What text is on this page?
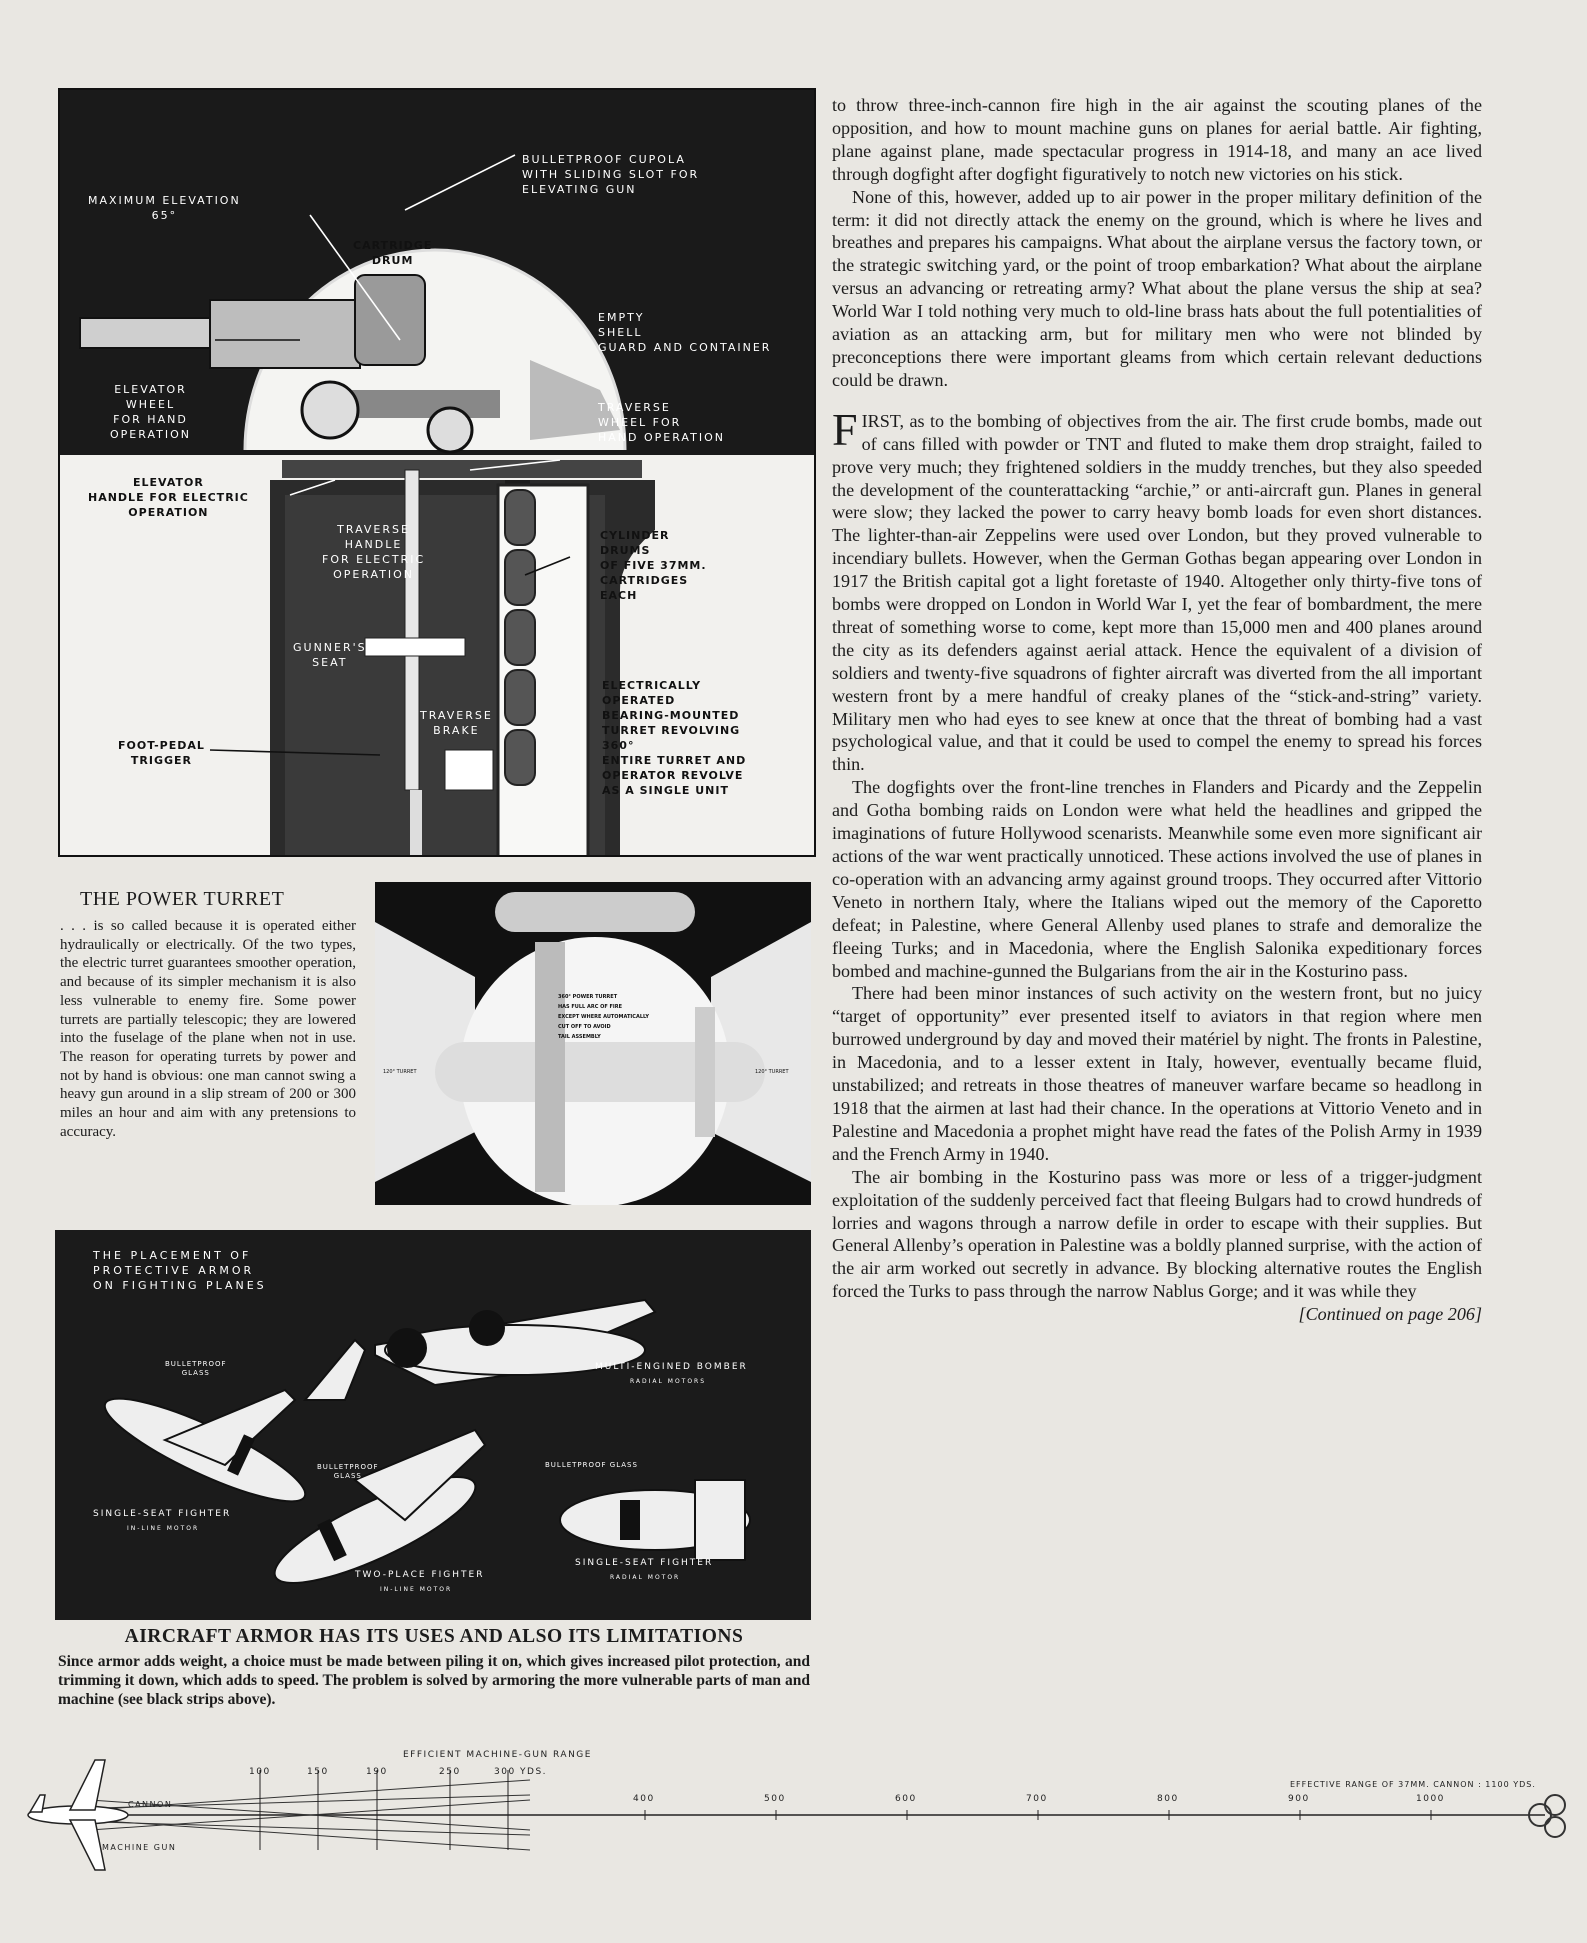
MAXIMUM ELEVATION
65°
BULLETPROOF CUPOLA
WITH SLIDING SLOT FOR
ELEVATING GUN
CARTRIDGE
DRUM
EMPTY
SHELL
GUARD AND CONTAINER
ELEVATOR
WHEEL
FOR HAND
OPERATION
TRAVERSE
WHEEL FOR
HAND OPERATION
ELEVATOR
HANDLE FOR ELECTRIC
OPERATION
TRAVERSE
HANDLE
FOR ELECTRIC
OPERATION
CYLINDER
DRUMS
OF FIVE 37MM.
CARTRIDGES
EACH
GUNNER'S
SEAT
ELECTRICALLY
OPERATED
BEARING-MOUNTED
TURRET REVOLVING
360°
ENTIRE TURRET AND
OPERATOR REVOLVE
AS A SINGLE UNIT
TRAVERSE
BRAKE
FOOT-PEDAL
TRIGGER
THE POWER TURRET
. . . is so called because it is operated either hydraulically or electrically. Of the two types, the electric turret guarantees smoother operation, and because of its simpler mechanism it is also less vulnerable to enemy fire. Some power turrets are partially telescopic; they are lowered into the fuselage of the plane when not in use. The reason for operating turrets by power and not by hand is obvious: one man cannot swing a heavy gun around in a slip stream of 200 or 300 miles an hour and aim with any pretensions to accuracy.
360° POWER TURRET
HAS FULL ARC OF FIRE
EXCEPT WHERE AUTOMATICALLY
CUT OFF TO AVOID
TAIL ASSEMBLY
120° TURRET	120° TURRET
THE PLACEMENT OF
PROTECTIVE ARMOR
ON FIGHTING PLANES
BULLETPROOF
GLASS
SINGLE-SEAT FIGHTER
IN-LINE MOTOR
MULTI-ENGINED BOMBER
RADIAL MOTORS
BULLETPROOF
GLASS
TWO-PLACE FIGHTER
IN-LINE MOTOR
BULLETPROOF GLASS
SINGLE-SEAT FIGHTER
RADIAL MOTOR
AIRCRAFT ARMOR HAS ITS USES AND ALSO ITS LIMITATIONS
Since armor adds weight, a choice must be made between piling it on, which gives increased pilot protection, and trimming it down, which adds to speed. The problem is solved by armoring the more vulnerable parts of man and machine (see black strips above).

to throw three-inch-cannon fire high in the air against the scouting planes of the opposition, and how to mount machine guns on planes for aerial battle. Air fighting, plane against plane, made spectacular progress in 1914-18, and many an ace lived through dogfight after dogfight figuratively to notch new victories on his stick.

None of this, however, added up to air power in the proper military definition of the term: it did not directly attack the enemy on the ground, which is where he lives and breathes and prepares his campaigns. What about the airplane versus the factory town, or the strategic switching yard, or the point of troop embarkation? What about the airplane versus an advancing or retreating army? What about the plane versus the ship at sea? World War I told nothing very much to old-line brass hats about the full potentialities of aviation as an attacking arm, but for military men who were not blinded by preconceptions there were important gleams from which certain relevant deductions could be drawn.

FIRST, as to the bombing of objectives from the air. The first crude bombs, made out of cans filled with powder or TNT and fluted to make them drop straight, failed to prove very much; they frightened soldiers in the muddy trenches, but they also speeded the development of the counterattacking “archie,” or anti-aircraft gun. Planes in general were slow; they lacked the power to carry heavy bomb loads for even short distances. The lighter-than-air Zeppelins were used over London, but they proved vulnerable to incendiary bullets. However, when the German Gothas began appearing over London in 1917 the British capital got a light foretaste of 1940. Altogether only thirty-five tons of bombs were dropped on London in World War I, yet the fear of bombardment, the mere threat of something worse to come, kept more than 15,000 men and 400 planes around the city as its defenders against aerial attack. Hence the equivalent of a division of soldiers and twenty-five squadrons of fighter aircraft was diverted from the all important western front by a mere handful of creaky planes of the “stick-and-string” variety. Military men who had eyes to see knew at once that the threat of bombing had a vast psychological value, and that it could be used to compel the enemy to spread his forces thin.

The dogfights over the front-line trenches in Flanders and Picardy and the Zeppelin and Gotha bombing raids on London were what held the headlines and gripped the imaginations of future Hollywood scenarists. Meanwhile some even more significant air actions of the war went practically unnoticed. These actions involved the use of planes in co-operation with an advancing army against ground troops. They occurred after Vittorio Veneto in northern Italy, where the Italians wiped out the memory of the Caporetto defeat; in Palestine, where General Allenby used planes to strafe and demoralize the fleeing Turks; and in Macedonia, where the English Salonika expeditionary forces bombed and machine-gunned the Bulgarians from the air in the Kosturino pass.

There had been minor instances of such activity on the western front, but no juicy “target of opportunity” ever presented itself to aviators in that region where men burrowed underground by day and moved their matériel by night. The fronts in Palestine, in Macedonia, and to a lesser extent in Italy, however, eventually became fluid, unstabilized; and retreats in those theatres of maneuver warfare became so headlong in 1918 that the airmen at last had their chance. In the operations at Vittorio Veneto and in Palestine and Macedonia a prophet might have read the fates of the Polish Army in 1939 and the French Army in 1940.

The air bombing in the Kosturino pass was more or less of a trigger-judgment exploitation of the suddenly perceived fact that fleeing Bulgars had to crowd hundreds of lorries and wagons through a narrow defile in order to escape with their supplies. But General Allenby’s operation in Palestine was a boldly planned surprise, with the action of the air arm worked out secretly in advance. By blocking alternative routes the English forced the Turks to pass through the narrow Nablus Gorge; and it was while they

[Continued on page 206]
EFFICIENT MACHINE-GUN RANGE
EFFECTIVE RANGE OF 37MM. CANNON : 1100 YDS.
CANNON
MACHINE GUN
100	150	190	250	300 YDS.
400	500	600	700	800	900	1000
